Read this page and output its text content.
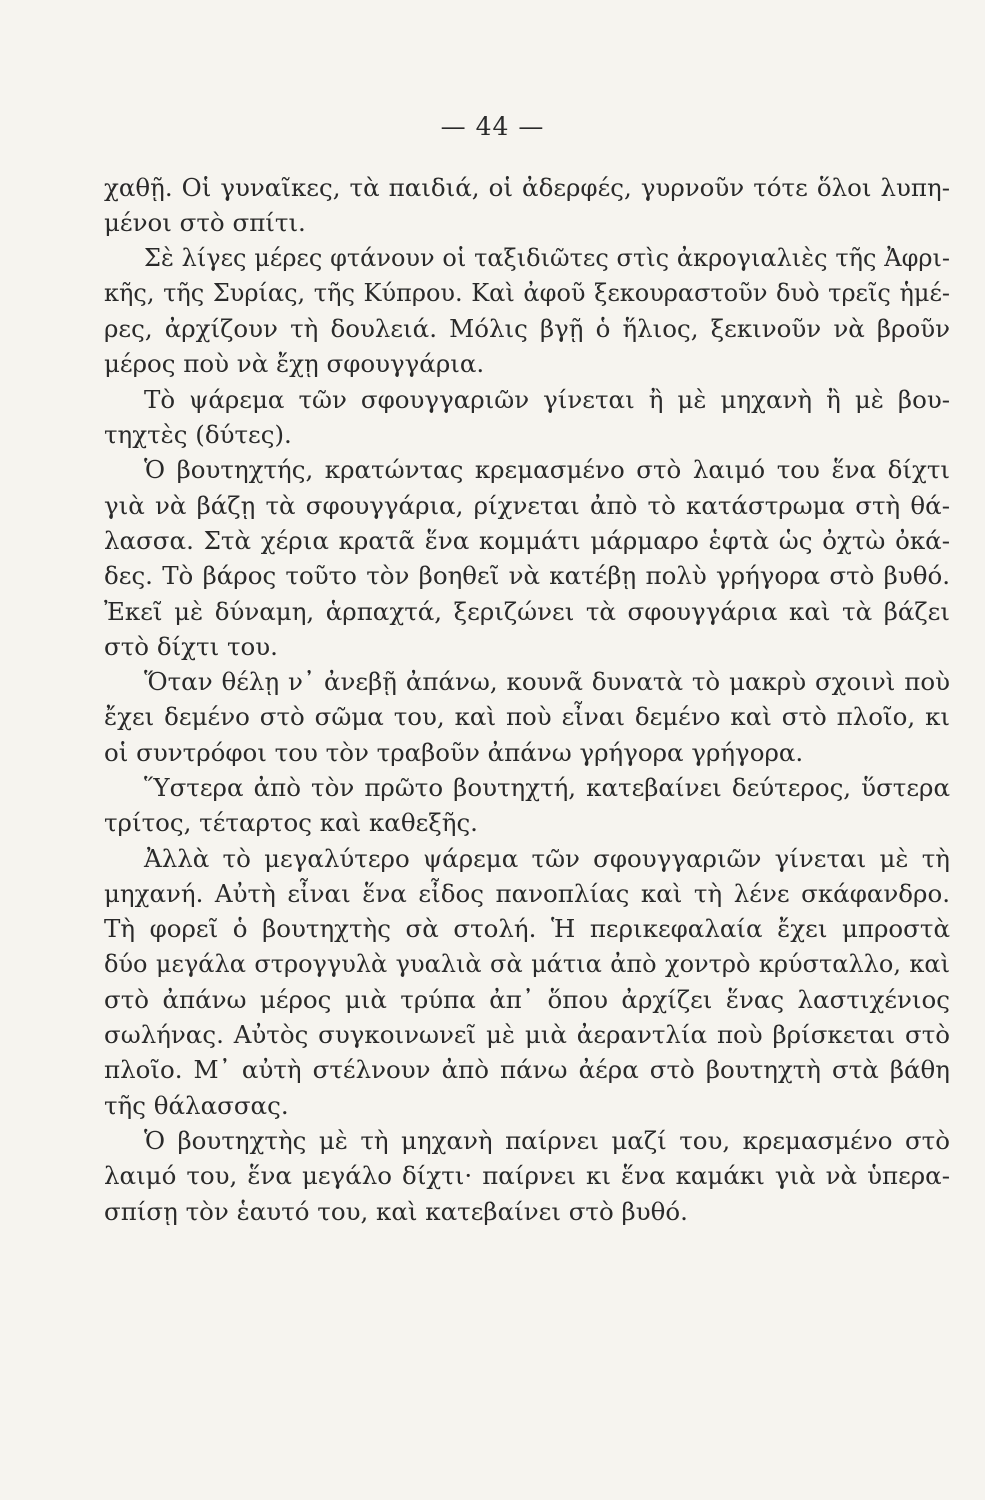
— 44 —
χαθῇ. Οἱ γυναῖκες, τὰ παιδιά, οἱ ἀδερφές, γυρνοῦν τότε ὅλοι λυπη-
μένοι στὸ σπίτι.
Σὲ λίγες μέρες φτάνουν οἱ ταξιδιῶτες στὶς ἀκρογιαλιὲς τῆς Ἀφρι-
κῆς, τῆς Συρίας, τῆς Κύπρου. Καὶ ἀφοῦ ξεκουραστοῦν δυὸ τρεῖς ἡμέ-
ρες, ἀρχίζουν τὴ δουλειά. Μόλις βγῇ ὁ ἥλιος, ξεκινοῦν νὰ βροῦν
μέρος ποὺ νὰ ἔχῃ σφουγγάρια.
Τὸ ψάρεμα τῶν σφουγγαριῶν γίνεται ἢ μὲ μηχανὴ ἢ μὲ βου-
τηχτὲς (δύτες).
Ὁ βουτηχτής, κρατώντας κρεμασμένο στὸ λαιμό του ἕνα δίχτι
γιὰ νὰ βάζῃ τὰ σφουγγάρια, ρίχνεται ἀπὸ τὸ κατάστρωμα στὴ θά-
λασσα. Στὰ χέρια κρατᾶ ἕνα κομμάτι μάρμαρο ἑφτὰ ὡς ὀχτὼ ὀκά-
δες. Τὸ βάρος τοῦτο τὸν βοηθεῖ νὰ κατέβῃ πολὺ γρήγορα στὸ βυθό.
Ἐκεῖ μὲ δύναμη, ἁρπαχτά, ξεριζώνει τὰ σφουγγάρια καὶ τὰ βάζει
στὸ δίχτι του.
Ὅταν θέλῃ ν᾿ ἀνεβῇ ἀπάνω, κουνᾶ δυνατὰ τὸ μακρὺ σχοινὶ ποὺ
ἔχει δεμένο στὸ σῶμα του, καὶ ποὺ εἶναι δεμένο καὶ στὸ πλοῖο, κι
οἱ συντρόφοι του τὸν τραβοῦν ἀπάνω γρήγορα γρήγορα.
Ὕστερα ἀπὸ τὸν πρῶτο βουτηχτή, κατεβαίνει δεύτερος, ὕστερα
τρίτος, τέταρτος καὶ καθεξῆς.
Ἀλλὰ τὸ μεγαλύτερο ψάρεμα τῶν σφουγγαριῶν γίνεται μὲ τὴ
μηχανή. Αὐτὴ εἶναι ἕνα εἶδος πανοπλίας καὶ τὴ λένε σκάφανδρο.
Τὴ φορεῖ ὁ βουτηχτὴς σὰ στολή. Ἡ περικεφαλαία ἔχει μπροστὰ
δύο μεγάλα στρογγυλὰ γυαλιὰ σὰ μάτια ἀπὸ χοντρὸ κρύσταλλο, καὶ
στὸ ἀπάνω μέρος μιὰ τρύπα ἀπ᾿ ὅπου ἀρχίζει ἕνας λαστιχένιος
σωλήνας. Αὐτὸς συγκοινωνεῖ μὲ μιὰ ἀεραντλία ποὺ βρίσκεται στὸ
πλοῖο. Μ᾿ αὐτὴ στέλνουν ἀπὸ πάνω ἀέρα στὸ βουτηχτὴ στὰ βάθη
τῆς θάλασσας.
Ὁ βουτηχτὴς μὲ τὴ μηχανὴ παίρνει μαζί του, κρεμασμένο στὸ
λαιμό του, ἕνα μεγάλο δίχτι· παίρνει κι ἕνα καμάκι γιὰ νὰ ὑπερα-
σπίσῃ τὸν ἑαυτό του, καὶ κατεβαίνει στὸ βυθό.
